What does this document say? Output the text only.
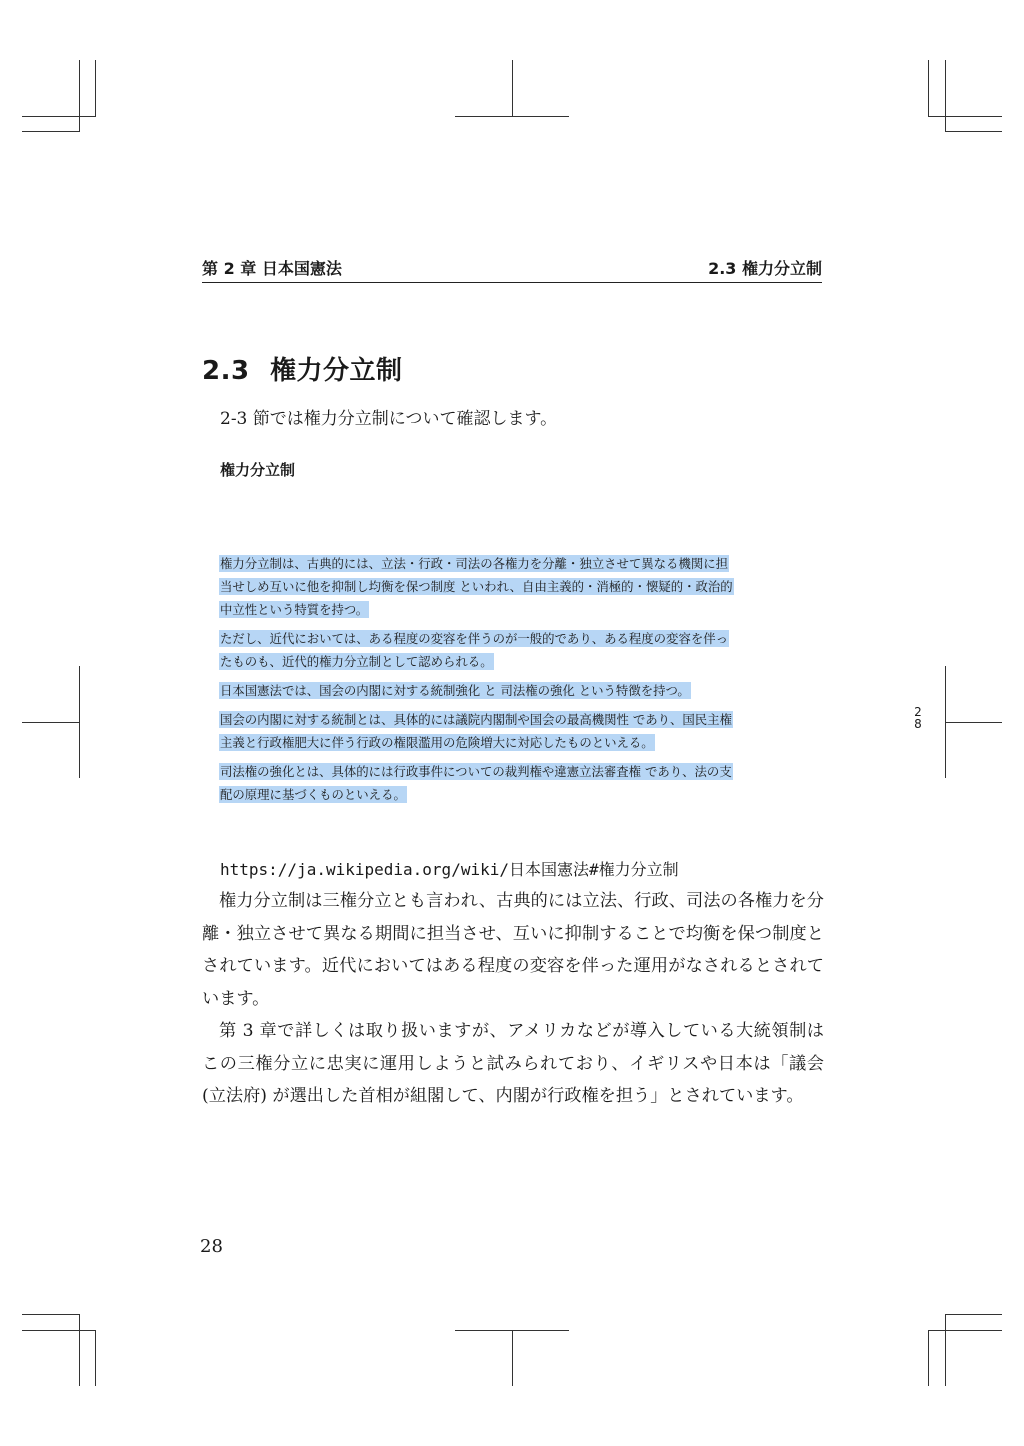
第 2 章 日本国憲法	2.3 権力分立制
2.3 権力分立制
2-3 節では権力分立制について確認します。
権力分立制

権力分立制は、古典的には、立法・行政・司法の各権力を分離・独立させて異なる機関に担
当せしめ互いに他を抑制し均衡を保つ制度 といわれ、自由主義的・消極的・懐疑的・政治的
中立性という特質を持つ。

ただし、近代においては、ある程度の変容を伴うのが一般的であり、ある程度の変容を伴っ
たものも、近代的権力分立制として認められる。

日本国憲法では、国会の内閣に対する統制強化 と 司法権の強化 という特徴を持つ。

国会の内閣に対する統制とは、具体的には議院内閣制や国会の最高機関性 であり、国民主権
主義と行政権肥大に伴う行政の権限濫用の危険増大に対応したものといえる。

司法権の強化とは、具体的には行政事件についての裁判権や違憲立法審査権 であり、法の支
配の原理に基づくものといえる。

2
8
https://ja.wikipedia.org/wiki/日本国憲法#権力分立制

権力分立制は三権分立とも言われ、古典的には立法、行政、司法の各権力を分離・独立させて異なる期間に担当させ、互いに抑制することで均衡を保つ制度とされています。近代においてはある程度の変容を伴った運用がなされるとされています。

第 3 章で詳しくは取り扱いますが、アメリカなどが導入している大統領制はこの三権分立に忠実に運用しようと試みられており、イギリスや日本は「議会 (立法府) が選出した首相が組閣して、内閣が行政権を担う」とされています。

28
